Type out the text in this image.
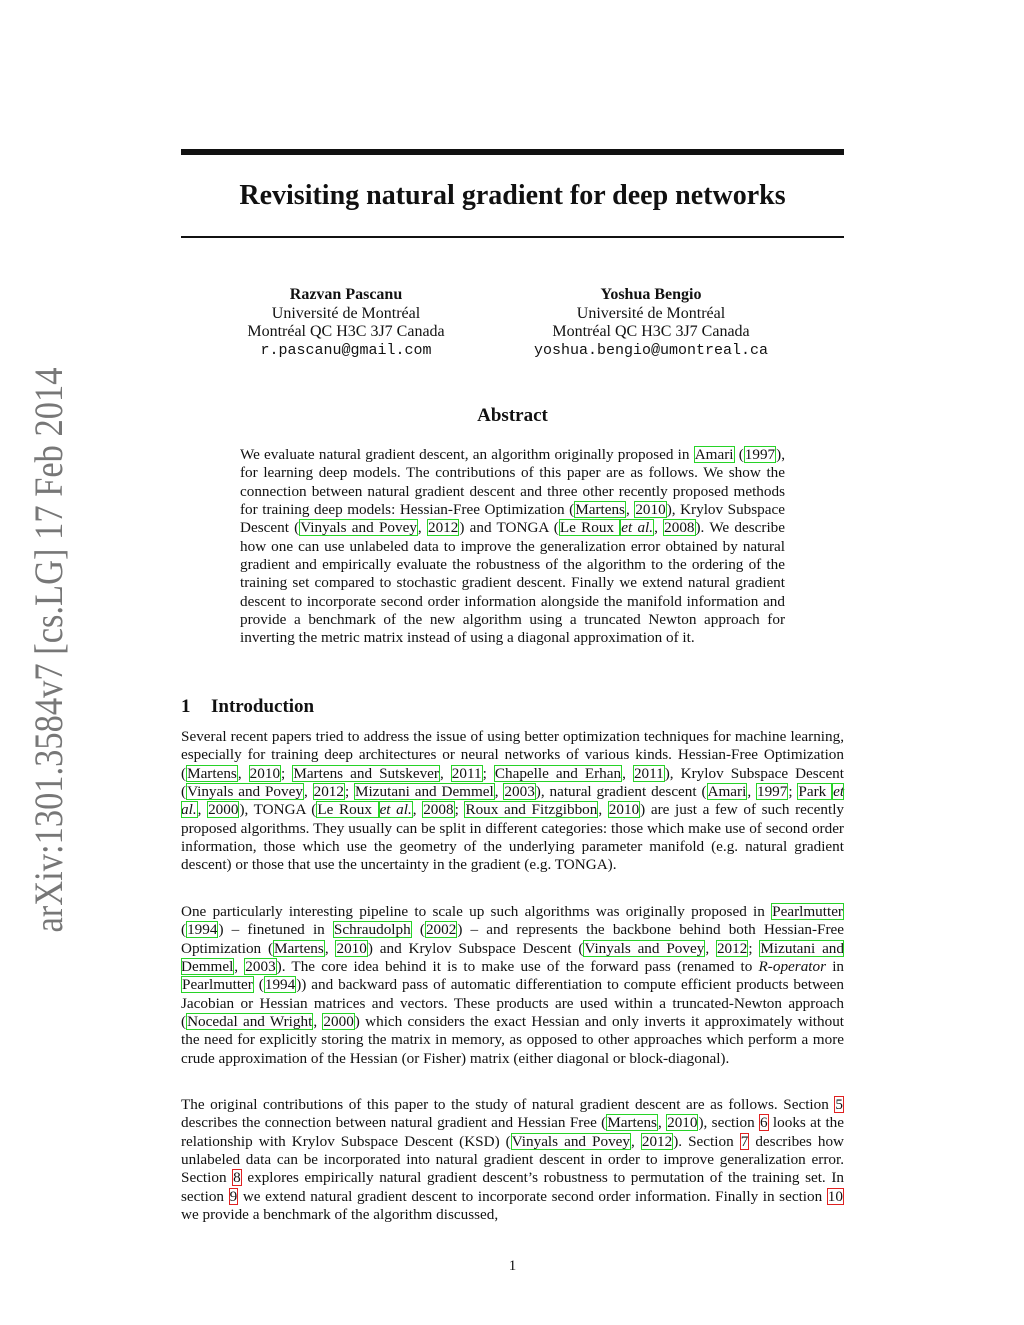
arXiv:1301.3584v7 [cs.LG] 17 Feb 2014
Revisiting natural gradient for deep networks
Razvan Pascanu
Université de Montréal
Montréal QC H3C 3J7 Canada
r.pascanu@gmail.com
Yoshua Bengio
Université de Montréal
Montréal QC H3C 3J7 Canada
yoshua.bengio@umontreal.ca
Abstract

We evaluate natural gradient descent, an algorithm originally proposed in Amari (1997), for learning deep models. The contributions of this paper are as follows. We show the connection between natural gradient descent and three other recently proposed methods for training deep models: Hessian-Free Optimization (Martens, 2010), Krylov Subspace Descent (Vinyals and Povey, 2012) and TONGA (Le Roux et al., 2008). We describe how one can use unlabeled data to improve the generalization error obtained by natural gradient and empirically evaluate the robustness of the algorithm to the ordering of the training set compared to stochastic gradient descent. Finally we extend natural gradient descent to incorporate second order information alongside the manifold information and provide a benchmark of the new algorithm using a truncated Newton approach for inverting the metric matrix instead of using a diagonal approximation of it.

1 Introduction

Several recent papers tried to address the issue of using better optimization techniques for machine learning, especially for training deep architectures or neural networks of various kinds. Hessian-Free Optimization (Martens, 2010; Martens and Sutskever, 2011; Chapelle and Erhan, 2011), Krylov Subspace Descent (Vinyals and Povey, 2012; Mizutani and Demmel, 2003), natural gradient descent (Amari, 1997; Park et al., 2000), TONGA (Le Roux et al., 2008; Roux and Fitzgibbon, 2010) are just a few of such recently proposed algorithms. They usually can be split in different categories: those which make use of second order information, those which use the geometry of the underlying parameter manifold (e.g. natural gradient descent) or those that use the uncertainty in the gradient (e.g. TONGA).

One particularly interesting pipeline to scale up such algorithms was originally proposed in Pearlmutter (1994) – finetuned in Schraudolph (2002) – and represents the backbone behind both Hessian-Free Optimization (Martens, 2010) and Krylov Subspace Descent (Vinyals and Povey, 2012; Mizutani and Demmel, 2003). The core idea behind it is to make use of the forward pass (renamed to R-operator in Pearlmutter (1994)) and backward pass of automatic differentiation to compute efficient products between Jacobian or Hessian matrices and vectors. These products are used within a truncated-Newton approach (Nocedal and Wright, 2000) which considers the exact Hessian and only inverts it approximately without the need for explicitly storing the matrix in memory, as opposed to other approaches which perform a more crude approximation of the Hessian (or Fisher) matrix (either diagonal or block-diagonal).

The original contributions of this paper to the study of natural gradient descent are as follows. Section 5 describes the connection between natural gradient and Hessian Free (Martens, 2010), section 6 looks at the relationship with Krylov Subspace Descent (KSD) (Vinyals and Povey, 2012). Section 7 describes how unlabeled data can be incorporated into natural gradient descent in order to improve generalization error. Section 8 explores empirically natural gradient descent’s robustness to permutation of the training set. In section 9 we extend natural gradient descent to incorporate second order information. Finally in section 10 we provide a benchmark of the algorithm discussed,

1
